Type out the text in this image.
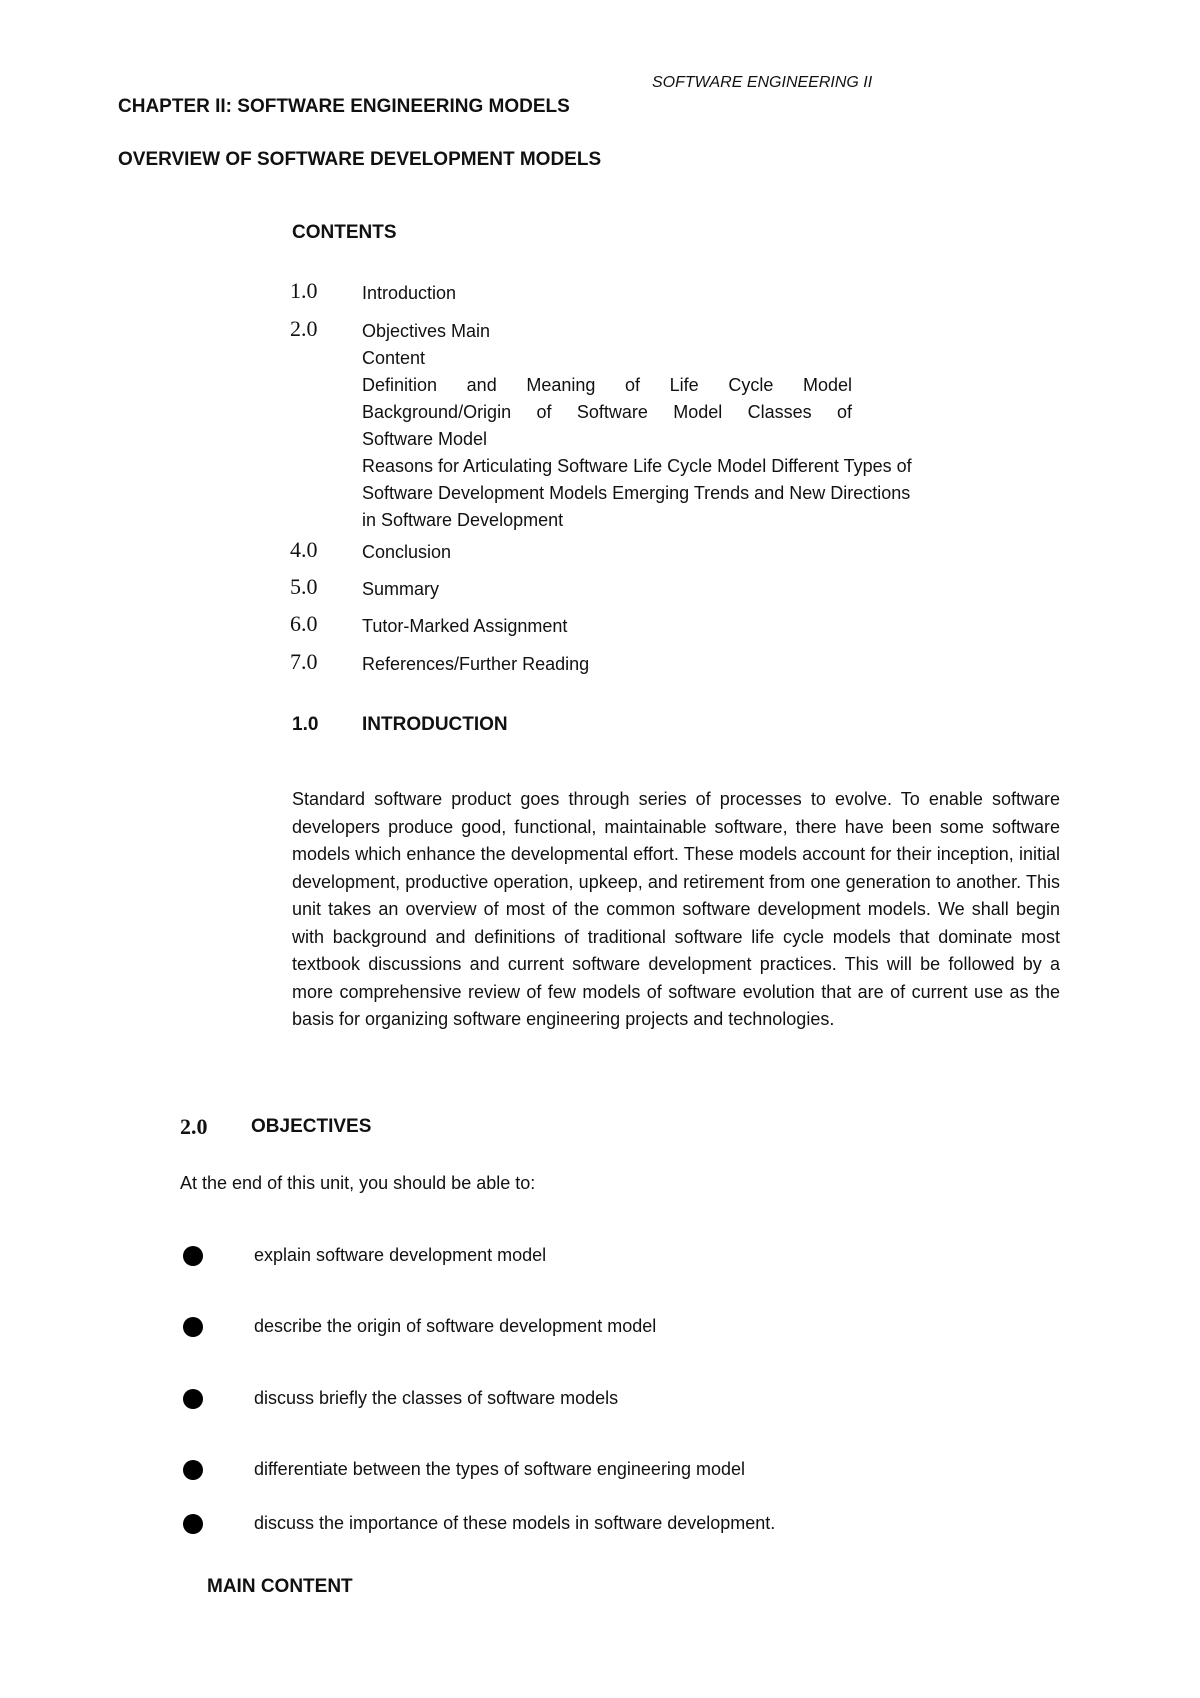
SOFTWARE ENGINEERING II
CHAPTER II: SOFTWARE ENGINEERING MODELS
OVERVIEW OF SOFTWARE DEVELOPMENT MODELS
CONTENTS
1.0 Introduction
2.0 Objectives Main
Content
Definition and Meaning of Life Cycle Model
Background/Origin of Software Model Classes of
Software Model
Reasons for Articulating Software Life Cycle Model Different Types of
Software Development Models Emerging Trends and New Directions
in Software Development
4.0 Conclusion
5.0 Summary
6.0 Tutor-Marked Assignment
7.0 References/Further Reading
1.0 INTRODUCTION
Standard software product goes through series of processes to evolve. To enable software developers produce good, functional, maintainable software, there have been some software models which enhance the developmental effort. These models account for their inception, initial development, productive operation, upkeep, and retirement from one generation to another. This unit takes an overview of most of the common software development models. We shall begin with background and definitions of traditional software life cycle models that dominate most textbook discussions and current software development practices. This will be followed by a more comprehensive review of few models of software evolution that are of current use as the basis for organizing software engineering projects and technologies.
2.0 OBJECTIVES
At the end of this unit, you should be able to:
explain software development model
describe the origin of software development model
discuss briefly the classes of software models
differentiate between the types of software engineering model
discuss the importance of these models in software development.
MAIN CONTENT
